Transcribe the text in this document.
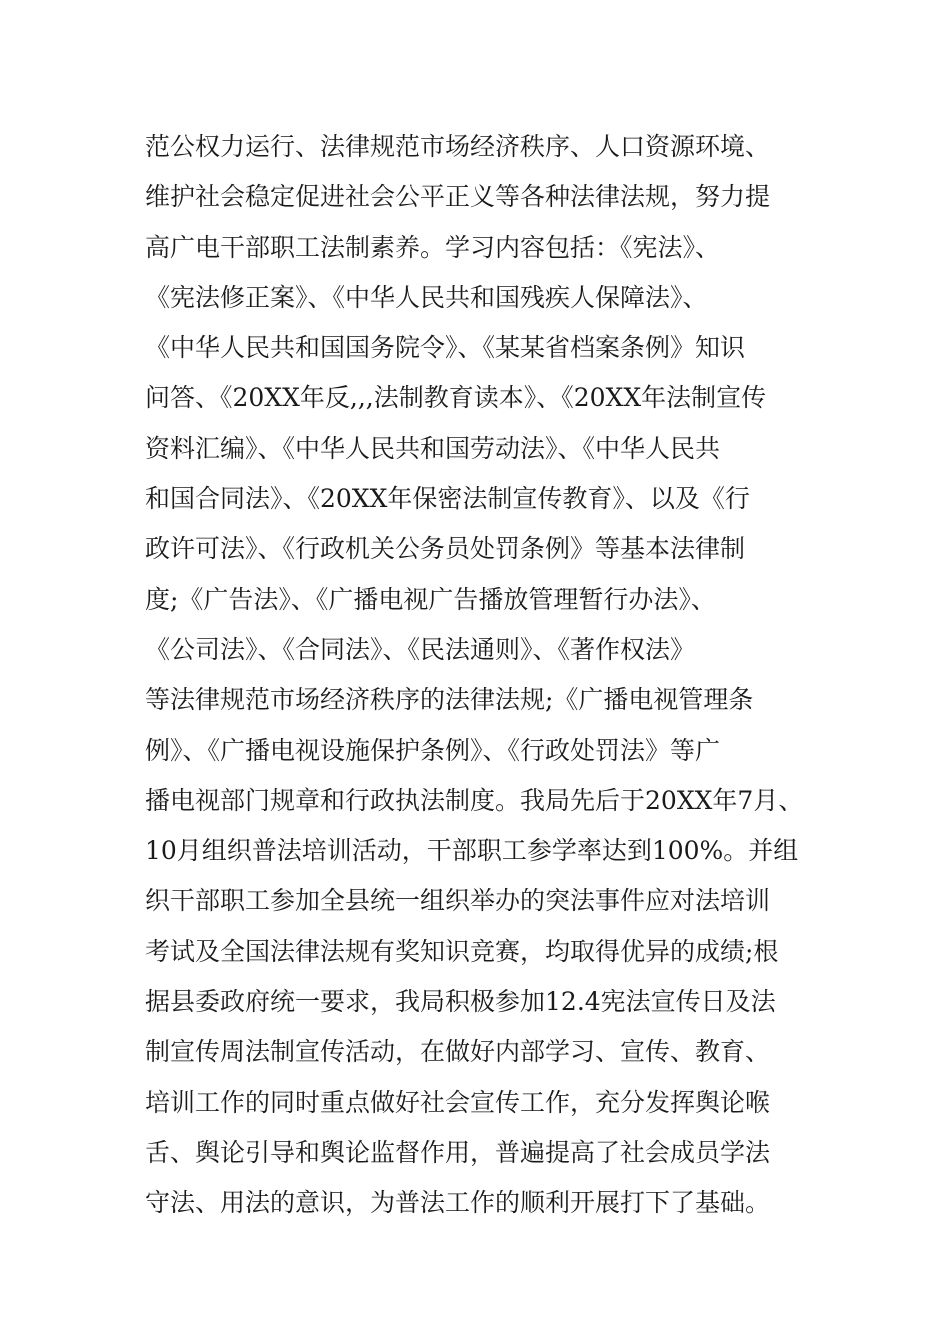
范公权力运行、法律规范市场经济秩序、人口资源环境、
维护社会稳定促进社会公平正义等各种法律法规，努力提
高广电干部职工法制素养。学习内容包括：《宪法》、
《宪法修正案》、《中华人民共和国残疾人保障法》、
《中华人民共和国国务院令》、《某某省档案条例》知识
问答、《20XX年反,,,法制教育读本》、《20XX年法制宣传
资料汇编》、《中华人民共和国劳动法》、《中华人民共
和国合同法》、《20XX年保密法制宣传教育》、以及《行
政许可法》、《行政机关公务员处罚条例》等基本法律制
度;《广告法》、《广播电视广告播放管理暂行办法》、
《公司法》、《合同法》、《民法通则》、《著作权法》
等法律规范市场经济秩序的法律法规;《广播电视管理条
例》、《广播电视设施保护条例》、《行政处罚法》等广
播电视部门规章和行政执法制度。我局先后于20XX年7月、
10月组织普法培训活动，干部职工参学率达到100%。并组
织干部职工参加全县统一组织举办的突法事件应对法培训
考试及全国法律法规有奖知识竞赛，均取得优异的成绩;根
据县委政府统一要求，我局积极参加12.4宪法宣传日及法
制宣传周法制宣传活动，在做好内部学习、宣传、教育、
培训工作的同时重点做好社会宣传工作，充分发挥舆论喉
舌、舆论引导和舆论监督作用，普遍提高了社会成员学法
守法、用法的意识，为普法工作的顺利开展打下了基础。
